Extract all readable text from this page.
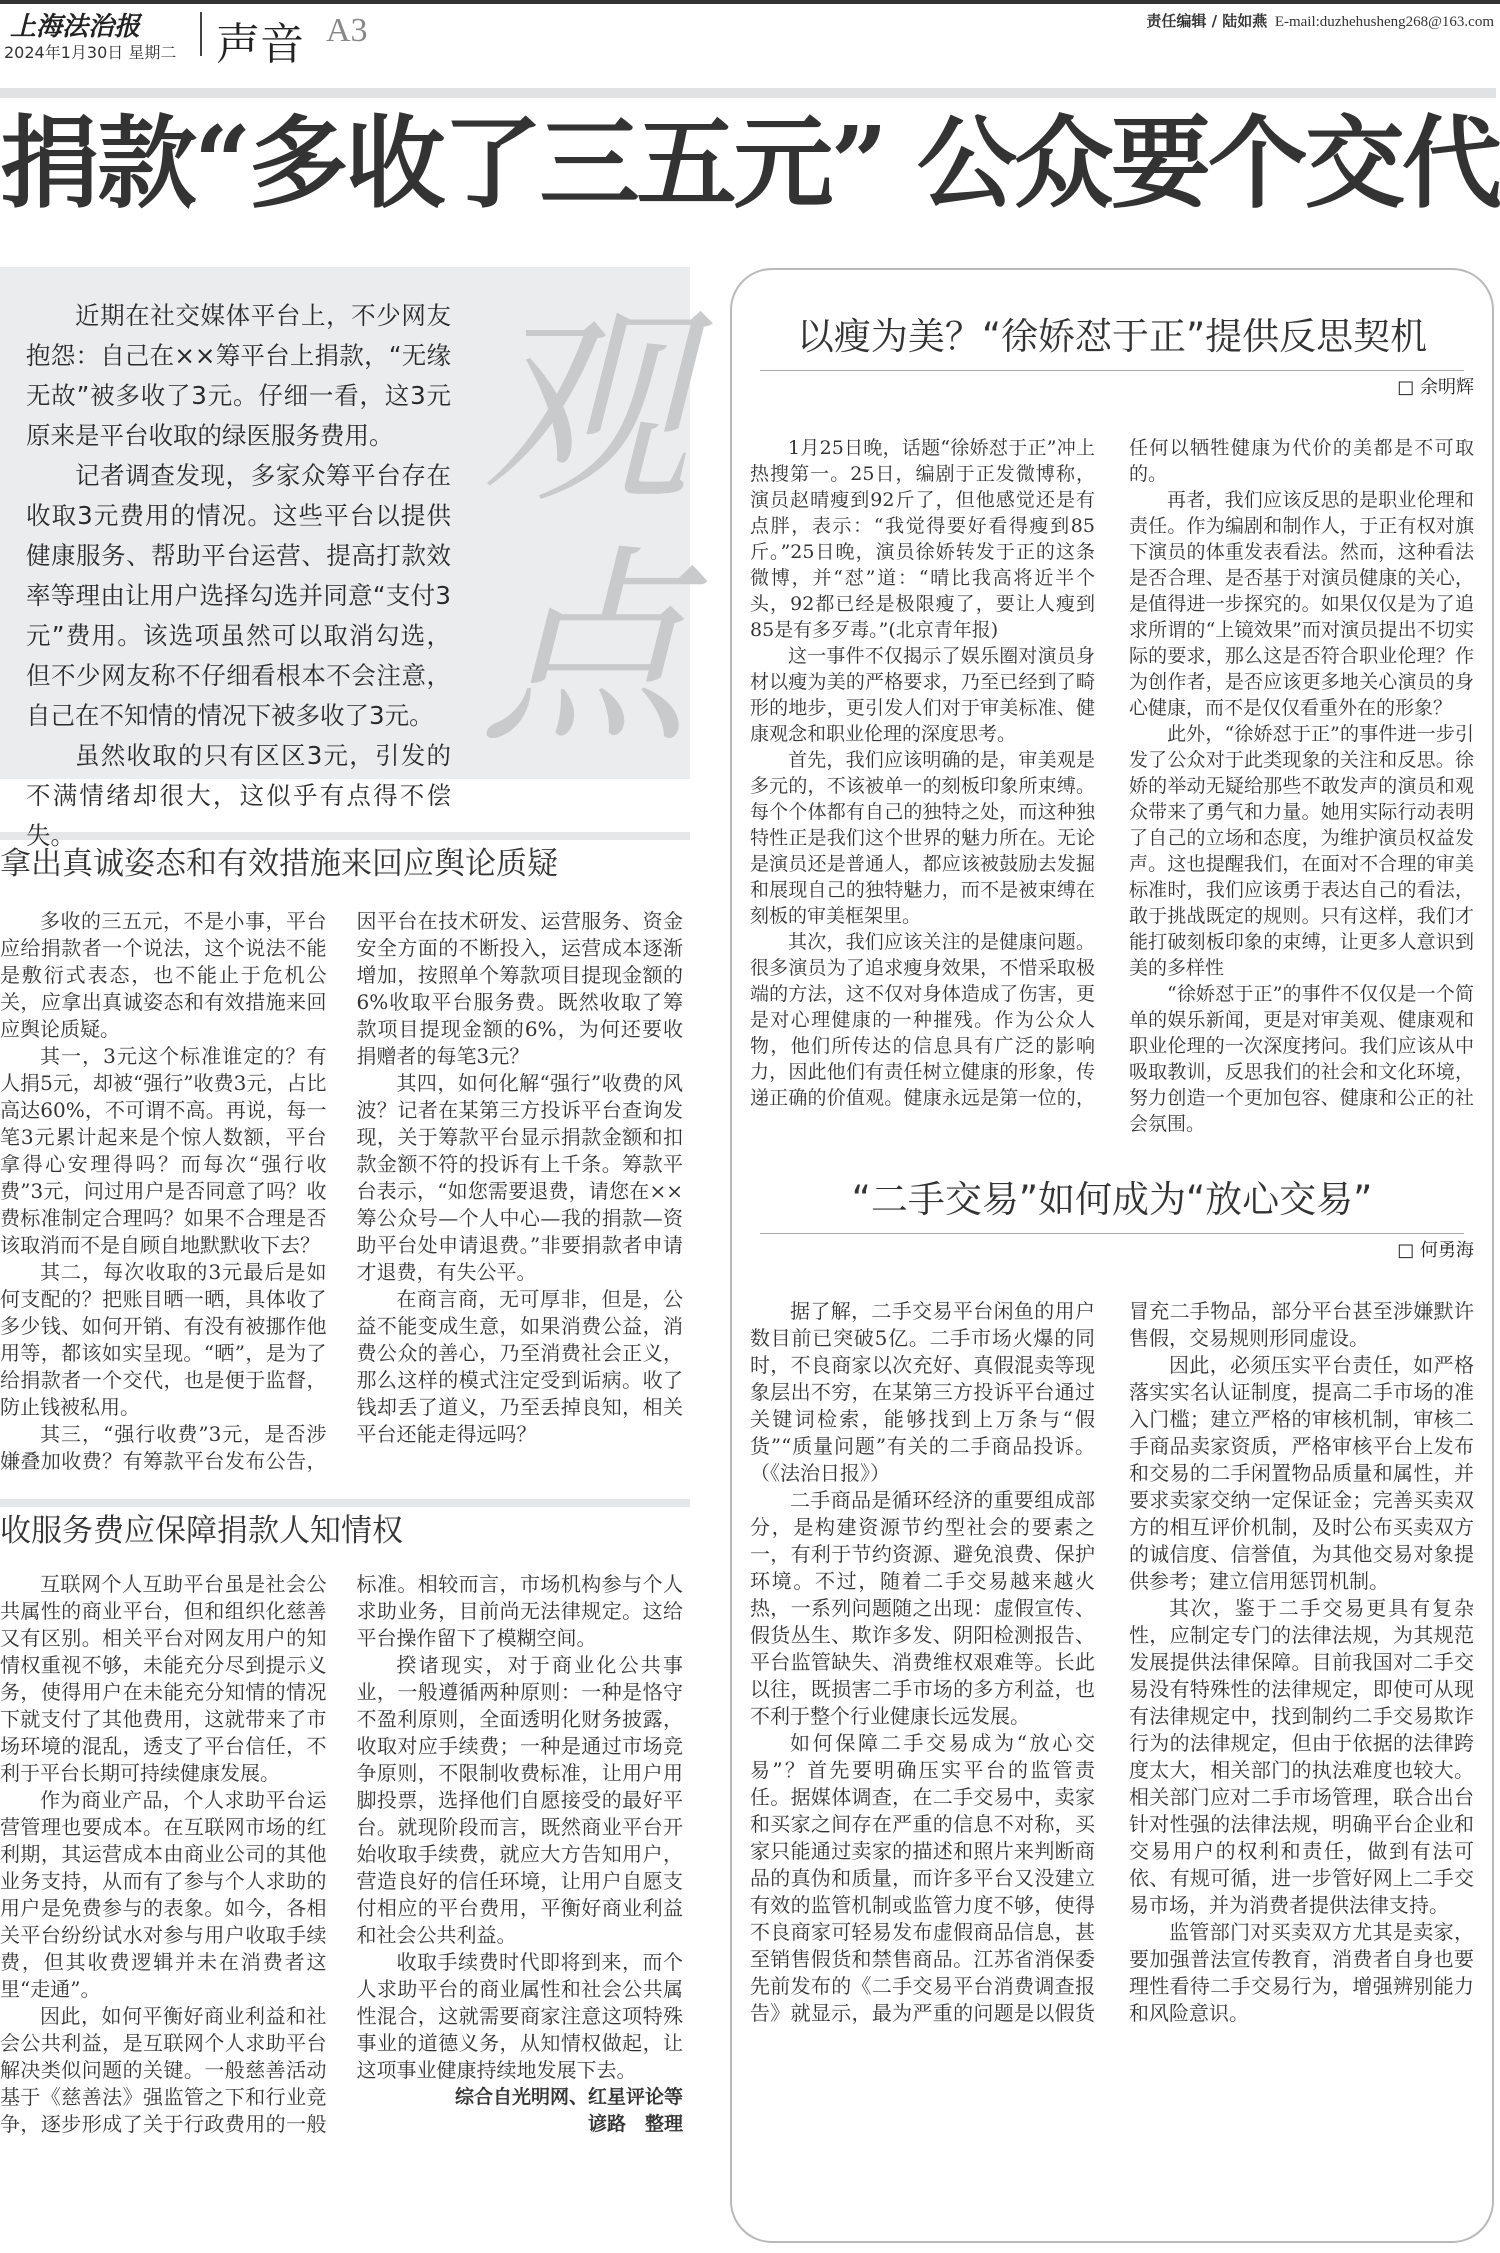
上海法治报
2024年1月30日 星期二 声音 A3	责任编辑 / 陆如燕 E-mail:duzhehusheng268@163.com
捐款“多收了三五元” 公众要个交代
观点

近期在社交媒体平台上，不少网友抱怨：自己在××筹平台上捐款，“无缘无故”被多收了3元。仔细一看，这3元原来是平台收取的绿医服务费用。

记者调查发现，多家众筹平台存在收取3元费用的情况。这些平台以提供健康服务、帮助平台运营、提高打款效率等理由让用户选择勾选并同意“支付3元”费用。该选项虽然可以取消勾选，但不少网友称不仔细看根本不会注意，自己在不知情的情况下被多收了3元。

虽然收取的只有区区3元，引发的不满情绪却很大，这似乎有点得不偿失。

拿出真诚姿态和有效措施来回应舆论质疑

多收的三五元，不是小事，平台应给捐款者一个说法，这个说法不能是敷衍式表态，也不能止于危机公关，应拿出真诚姿态和有效措施来回应舆论质疑。

其一，3元这个标准谁定的？有人捐5元，却被“强行”收费3元，占比高达60%，不可谓不高。再说，每一笔3元累计起来是个惊人数额，平台拿得心安理得吗？而每次“强行收费”3元，问过用户是否同意了吗？收费标准制定合理吗？如果不合理是否该取消而不是自顾自地默默收下去？

其二，每次收取的3元最后是如何支配的？把账目晒一晒，具体收了多少钱、如何开销、有没有被挪作他用等，都该如实呈现。“晒”，是为了给捐款者一个交代，也是便于监督，防止钱被私用。

其三，“强行收费”3元，是否涉嫌叠加收费？有筹款平台发布公告，因平台在技术研发、运营服务、资金安全方面的不断投入，运营成本逐渐增加，按照单个筹款项目提现金额的6%收取平台服务费。既然收取了筹款项目提现金额的6%，为何还要收捐赠者的每笔3元？

其四，如何化解“强行”收费的风波？记者在某第三方投诉平台查询发现，关于筹款平台显示捐款金额和扣款金额不符的投诉有上千条。筹款平台表示，“如您需要退费，请您在××筹公众号—个人中心—我的捐款—资助平台处申请退费。”非要捐款者申请才退费，有失公平。

在商言商，无可厚非，但是，公益不能变成生意，如果消费公益，消费公众的善心，乃至消费社会正义，那么这样的模式注定受到诟病。收了钱却丢了道义，乃至丢掉良知，相关平台还能走得远吗？

收服务费应保障捐款人知情权

互联网个人互助平台虽是社会公共属性的商业平台，但和组织化慈善又有区别。相关平台对网友用户的知情权重视不够，未能充分尽到提示义务，使得用户在未能充分知情的情况下就支付了其他费用，这就带来了市场环境的混乱，透支了平台信任，不利于平台长期可持续健康发展。

作为商业产品，个人求助平台运营管理也要成本。在互联网市场的红利期，其运营成本由商业公司的其他业务支持，从而有了参与个人求助的用户是免费参与的表象。如今，各相关平台纷纷试水对参与用户收取手续费，但其收费逻辑并未在消费者这里“走通”。

因此，如何平衡好商业利益和社会公共利益，是互联网个人求助平台解决类似问题的关键。一般慈善活动基于《慈善法》强监管之下和行业竞争，逐步形成了关于行政费用的一般标准。相较而言，市场机构参与个人求助业务，目前尚无法律规定。这给平台操作留下了模糊空间。

揆诸现实，对于商业化公共事业，一般遵循两种原则：一种是恪守不盈利原则，全面透明化财务披露，收取对应手续费；一种是通过市场竞争原则，不限制收费标准，让用户用脚投票，选择他们自愿接受的最好平台。就现阶段而言，既然商业平台开始收取手续费，就应大方告知用户，营造良好的信任环境，让用户自愿支付相应的平台费用，平衡好商业利益和社会公共利益。

收取手续费时代即将到来，而个人求助平台的商业属性和社会公共属性混合，这就需要商家注意这项特殊事业的道德义务，从知情权做起，让这项事业健康持续地发展下去。

综合自光明网、红星评论等

谚路　整理

以瘦为美？“徐娇怼于正”提供反思契机
□ 余明辉

1月25日晚，话题“徐娇怼于正”冲上热搜第一。25日，编剧于正发微博称，演员赵晴瘦到92斤了，但他感觉还是有点胖，表示：“我觉得要好看得瘦到85斤。”25日晚，演员徐娇转发于正的这条微博，并“怼”道：“晴比我高将近半个头，92都已经是极限瘦了，要让人瘦到85是有多歹毒。”(北京青年报)

这一事件不仅揭示了娱乐圈对演员身材以瘦为美的严格要求，乃至已经到了畸形的地步，更引发人们对于审美标准、健康观念和职业伦理的深度思考。

首先，我们应该明确的是，审美观是多元的，不该被单一的刻板印象所束缚。每个个体都有自己的独特之处，而这种独特性正是我们这个世界的魅力所在。无论是演员还是普通人，都应该被鼓励去发掘和展现自己的独特魅力，而不是被束缚在刻板的审美框架里。

其次，我们应该关注的是健康问题。很多演员为了追求瘦身效果，不惜采取极端的方法，这不仅对身体造成了伤害，更是对心理健康的一种摧残。作为公众人物，他们所传达的信息具有广泛的影响力，因此他们有责任树立健康的形象，传递正确的价值观。健康永远是第一位的，任何以牺牲健康为代价的美都是不可取的。

再者，我们应该反思的是职业伦理和责任。作为编剧和制作人，于正有权对旗下演员的体重发表看法。然而，这种看法是否合理、是否基于对演员健康的关心，是值得进一步探究的。如果仅仅是为了追求所谓的“上镜效果”而对演员提出不切实际的要求，那么这是否符合职业伦理？作为创作者，是否应该更多地关心演员的身心健康，而不是仅仅看重外在的形象？

此外，“徐娇怼于正”的事件进一步引发了公众对于此类现象的关注和反思。徐娇的举动无疑给那些不敢发声的演员和观众带来了勇气和力量。她用实际行动表明了自己的立场和态度，为维护演员权益发声。这也提醒我们，在面对不合理的审美标准时，我们应该勇于表达自己的看法，敢于挑战既定的规则。只有这样，我们才能打破刻板印象的束缚，让更多人意识到美的多样性

“徐娇怼于正”的事件不仅仅是一个简单的娱乐新闻，更是对审美观、健康观和职业伦理的一次深度拷问。我们应该从中吸取教训，反思我们的社会和文化环境，努力创造一个更加包容、健康和公正的社会氛围。

“二手交易”如何成为“放心交易”
□ 何勇海

据了解，二手交易平台闲鱼的用户数目前已突破5亿。二手市场火爆的同时，不良商家以次充好、真假混卖等现象层出不穷，在某第三方投诉平台通过关键词检索，能够找到上万条与“假货”“质量问题”有关的二手商品投诉。（《法治日报》）

二手商品是循环经济的重要组成部分，是构建资源节约型社会的要素之一，有利于节约资源、避免浪费、保护环境。不过，随着二手交易越来越火热，一系列问题随之出现：虚假宣传、假货丛生、欺诈多发、阴阳检测报告、平台监管缺失、消费维权艰难等。长此以往，既损害二手市场的多方利益，也不利于整个行业健康长远发展。

如何保障二手交易成为“放心交易”？首先要明确压实平台的监管责任。据媒体调查，在二手交易中，卖家和买家之间存在严重的信息不对称，买家只能通过卖家的描述和照片来判断商品的真伪和质量，而许多平台又没建立有效的监管机制或监管力度不够，使得不良商家可轻易发布虚假商品信息，甚至销售假货和禁售商品。江苏省消保委先前发布的《二手交易平台消费调查报告》就显示，最为严重的问题是以假货冒充二手物品，部分平台甚至涉嫌默许售假，交易规则形同虚设。

因此，必须压实平台责任，如严格落实实名认证制度，提高二手市场的准入门槛；建立严格的审核机制，审核二手商品卖家资质，严格审核平台上发布和交易的二手闲置物品质量和属性，并要求卖家交纳一定保证金；完善买卖双方的相互评价机制，及时公布买卖双方的诚信度、信誉值，为其他交易对象提供参考；建立信用惩罚机制。

其次，鉴于二手交易更具有复杂性，应制定专门的法律法规，为其规范发展提供法律保障。目前我国对二手交易没有特殊性的法律规定，即使可从现有法律规定中，找到制约二手交易欺诈行为的法律规定，但由于依据的法律跨度太大，相关部门的执法难度也较大。相关部门应对二手市场管理，联合出台针对性强的法律法规，明确平台企业和交易用户的权利和责任，做到有法可依、有规可循，进一步管好网上二手交易市场，并为消费者提供法律支持。

监管部门对买卖双方尤其是卖家，要加强普法宣传教育，消费者自身也要理性看待二手交易行为，增强辨别能力和风险意识。
